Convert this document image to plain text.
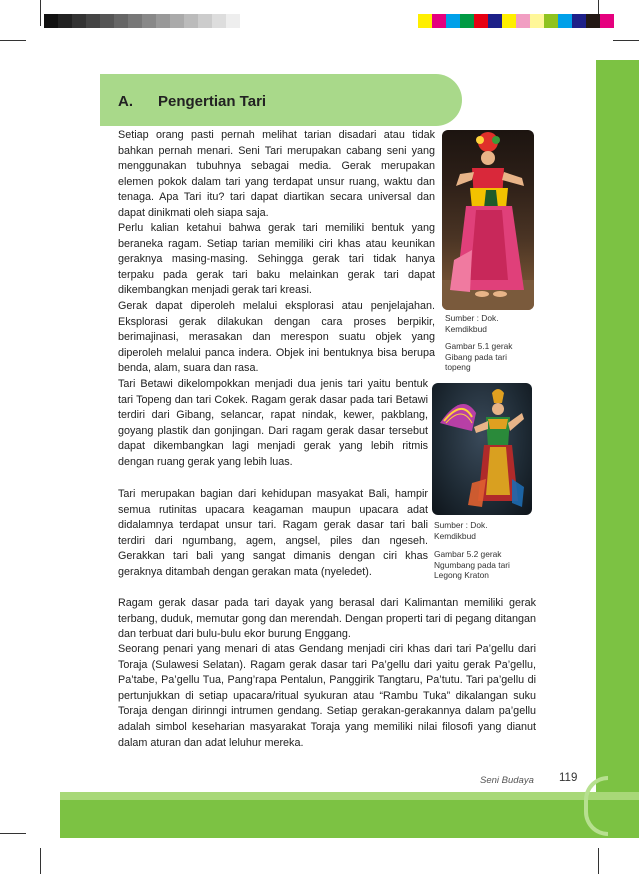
A. Pengertian Tari

Setiap orang pasti pernah melihat tarian disadari atau tidak bahkan pernah menari. Seni Tari merupakan cabang seni yang menggunakan tubuhnya sebagai media. Gerak merupakan elemen pokok dalam tari yang terdapat unsur ruang, waktu dan tenaga. Apa Tari itu? tari dapat diartikan secara universal dan dapat dinikmati oleh siapa saja.

Perlu kalian ketahui bahwa gerak tari memiliki bentuk yang beraneka ragam. Setiap tarian memiliki ciri khas atau keunikan geraknya masing-masing. Sehingga gerak tari tidak hanya terpaku pada gerak tari baku melainkan gerak tari dapat dikembangkan menjadi gerak tari kreasi.

Gerak dapat diperoleh melalui eksplorasi atau penjelajahan. Eksplorasi gerak dilakukan dengan cara proses berpikir, berimajinasi, merasakan dan merespon suatu objek yang diperoleh melalui panca indera. Objek ini bentuknya bisa berupa benda, alam, suara dan rasa.

Tari Betawi dikelompokkan menjadi dua jenis tari yaitu bentuk tari Topeng dan tari Cokek. Ragam gerak dasar pada tari Betawi terdiri dari Gibang, selancar, rapat nindak, kewer, pakblang, goyang plastik dan gonjingan. Dari ragam gerak dasar tersebut dapat dikembangkan lagi menjadi gerak yang lebih ritmis dengan ruang gerak yang lebih luas.

Tari merupakan bagian dari kehidupan masyakat Bali, hampir semua rutinitas upacara keagaman maupun upacara adat didalamnya terdapat unsur tari. Ragam gerak dasar tari bali terdiri dari ngumbang, agem, angsel, piles dan ngeseh. Gerakkan tari bali yang sangat dimanis dengan ciri khas geraknya ditambah dengan gerakan mata (nyeledet).

Ragam gerak dasar pada tari dayak yang berasal dari Kalimantan memiliki gerak terbang, duduk, memutar gong dan merendah. Dengan properti tari di pegang ditangan dan terbuat dari bulu-bulu ekor burung Enggang.

Seorang penari yang menari di atas Gendang menjadi ciri khas dari tari Pa’gellu dari Toraja (Sulawesi Selatan). Ragam gerak dasar tari Pa’gellu dari yaitu gerak Pa’gellu, Pa’tabe, Pa’gellu Tua, Pang’rapa Pentalun, Panggirik Tangtaru, Pa’tutu. Tari pa’gellu di pertunjukkan di setiap upacara/ritual syukuran atau “Rambu Tuka” dikalangan suku Toraja dengan dirinngi intrumen gendang. Setiap gerakan-gerakannya dalam pa’gellu adalah simbol keseharian masyarakat Toraja yang memiliki nilai filosofi yang dianut dalam aturan dan adat leluhur mereka.

Sumber : Dok. Kemdikbud
Gambar 5.1 gerak Gibang pada tari topeng
Sumber : Dok. Kemdikbud
Gambar 5.2 gerak Ngumbang pada tari Legong Kraton
Seni Budaya 119
